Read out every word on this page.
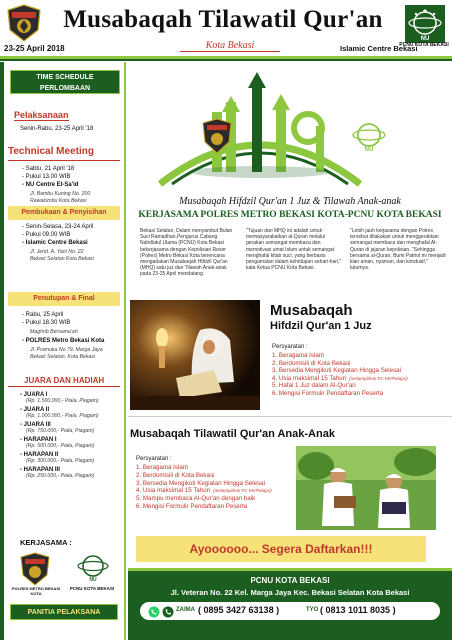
Musabaqah Tilawatil Qur'an
Kota Bekasi
23-25 April 2018	Islamic Centre Bekasi
NU
PCNU KOTA BEKASI
TIME SCHEDULE
PERLOMBAAN
Pelaksanaan
Senin-Rabu, 23-25 April '18
Technical Meeting
- Sabtu, 21 April '18
- Pukul 13.00 WIB
- NU Centre El-Sa'id
Jl. Bambu Kuning No. 200
Rawalumbu Kota Bekasi
Pembukaan & Penyisihan
- Senin-Selasa, 23-24 April
- Pukul 09.00 WIB
- Islamic Centre Bekasi
Jl. Jend. A. Yani No. 22
Bekasi Selatan Kota Bekasi
Penutupan & Final
- Rabu, 25 April
- Pukul 18.30 WIB
Maghrib Bersama'ah
- POLRES Metro Bekasi Kota
Jl. Pramuka No 79, Marga Jaya
Bekasi Selatan, Kota Bekasi
JUARA DAN HADIAH
- JUARA I
(Rp. 1.500.000,- Piala, Piagam)
- JUARA II
(Rp. 1.000.000,- Piala, Piagam)
- JUARA III
(Rp. 750.000,- Piala, Piagam)
- HARAPAN I
(Rp. 500.000,- Piala, Piagam)
- HARAPAN II
(Rp. 300.000,- Piala, Piagam)
- HARAPAN III
(Rp. 250.000,- Piala, Piagam)
KERJASAMA :
NU
POLRES METRO BEKASI KOTA
PCNU KOTA BEKASI
PANITIA PELAKSANA
NU
Musabaqah Hifdzil Qur'an 1 Juz & Tilawah Anak-anak
KERJASAMA POLRES METRO BEKASI KOTA-PCNU KOTA BEKASI
Bekasi Selatan, Dalam menyambut Bulan Suci Ramadhan,Pengurus Cabang Nahdlatul Ulama (PCNU) Kota Bekasi bekerjasama dengan Kepolisian Resor (Polres) Metro Bekasi Kota berencana mengadakan Musabaqah Hifdzil Qur'an (MHQ) satu juz dan Tilawah Anak-anak pada 23-25 April mendatang.
"Tujuan dari MHQ ini adalah untuk memasyarakatkan al-Quran melalui gerakan semangat membaca dan memotivasi umat Islam untuk semangat menghafal kitab suci, yang berbasis pengamalan dalam kehidupan sehari-hari," kata Ketua PCNU Kota Bekasi.
"Lebih jauh kerjasama dengan Polres tersebut dilakukan untuk menggerakkan semangat membaca dan menghafal Al-Quran di jajaran kepolisian. "Sehingga bersama al-Quran, Bumi Patriot ini menjadi kian aman, nyaman, dan kondusif," tutumya.
Musabaqah
Hifdzil Qur'an 1 Juz
Persyaratan :
1. Beragama Islam
2. Berdomisili di Kota Bekasi
3. Bersedia Mengikuti Kegiatan Hingga Selesai
4. Usia maksimal 15 Tahun (melampirkan FC KK/Pelajar)
5. Hafal 1 Juz dalam Al-Qur'an
6. Mengisi Formulir Pendaftaran Peserta
Musabaqah Tilawatil Qur'an Anak-Anak
Persyaratan :
1. Beragama Islam
2. Berdomisili di Kota Bekasi
3. Bersedia Mengikuti Kegiatan Hingga Selesai
4. Usia maksimal 15 Tahun (melampirkan FC KK/Pelajar)
5. Mampu membaca Al-Qur'an dengan baik
6. Mengisi Formulir Pendaftaran Peserta
Ayoooooo... Segera Daftarkan!!!
PCNU KOTA BEKASI
Jl. Veteran No. 22 Kel. Marga Jaya Kec. Bekasi Selatan Kota Bekasi
ZAIMA ( 0895 3427 63138 )	TYO ( 0813 1011 8035 )
